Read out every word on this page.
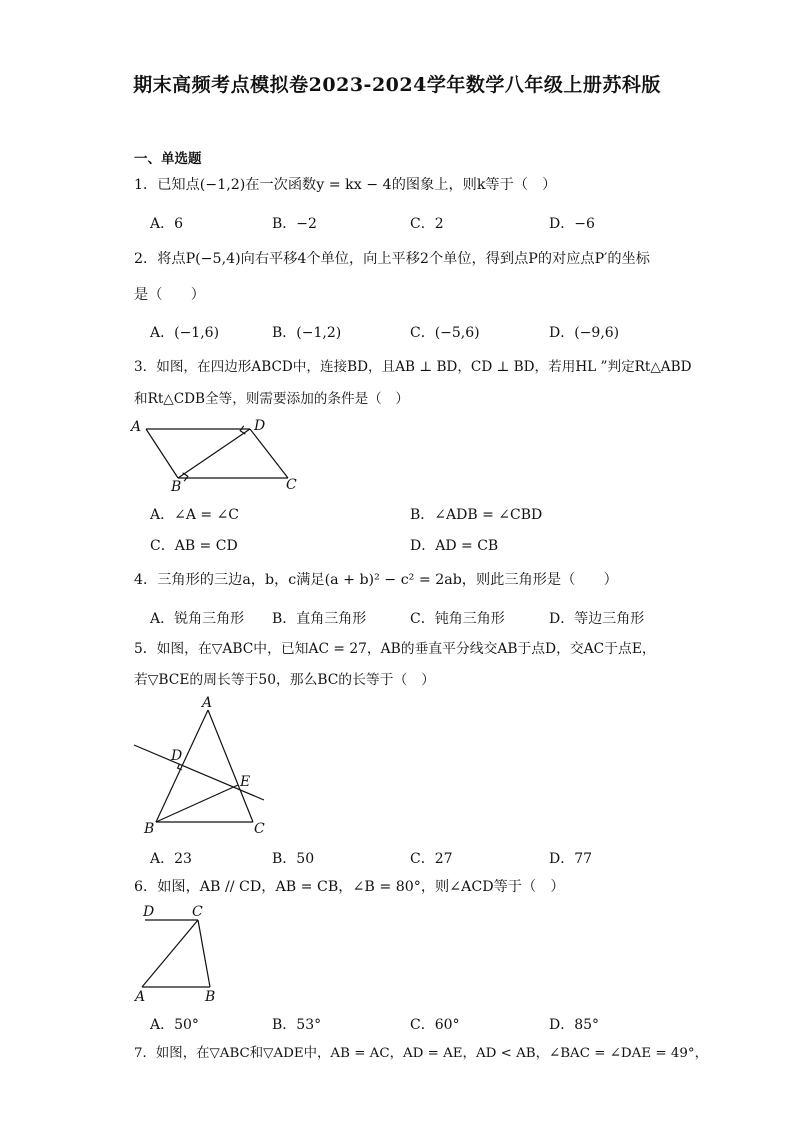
期末高频考点模拟卷2023-2024学年数学八年级上册苏科版
一、单选题
1．已知点(−1,2)在一次函数y = kx − 4的图象上，则k等于（　）
A．6	B．−2	C．2	D．−6
2．将点P(−5,4)向右平移4个单位，向上平移2个单位，得到点P的对应点P′的坐标
是（　　）
A．(−1,6)	B．(−1,2)	C．(−5,6)	D．(−9,6)
3．如图，在四边形ABCD中，连接BD，且AB ⊥ BD，CD ⊥ BD，若用HL ”判定Rt△ABD
和Rt△CDB全等，则需要添加的条件是（　）
A	D
B	C
A．∠A = ∠C	B．∠ADB = ∠CBD
C．AB = CD	D．AD = CB
4．三角形的三边a，b，c满足(a + b)² − c² = 2ab，则此三角形是（　　）
A．锐角三角形 B．直角三角形	C．钝角三角形	D．等边三角形
5．如图，在▽ABC中，已知AC = 27，AB的垂直平分线交AB于点D，交AC于点E，
若▽BCE的周长等于50，那么BC的长等于（　）
A
D
E
B	C
A．23	B．50	C．27	D．77
6．如图，AB // CD，AB = CB，∠B = 80°，则∠ACD等于（　）
D	C
A	B
A．50°	B．53°	C．60°	D．85°
7．如图，在▽ABC和▽ADE中，AB = AC，AD = AE，AD < AB，∠BAC = ∠DAE = 49°，
